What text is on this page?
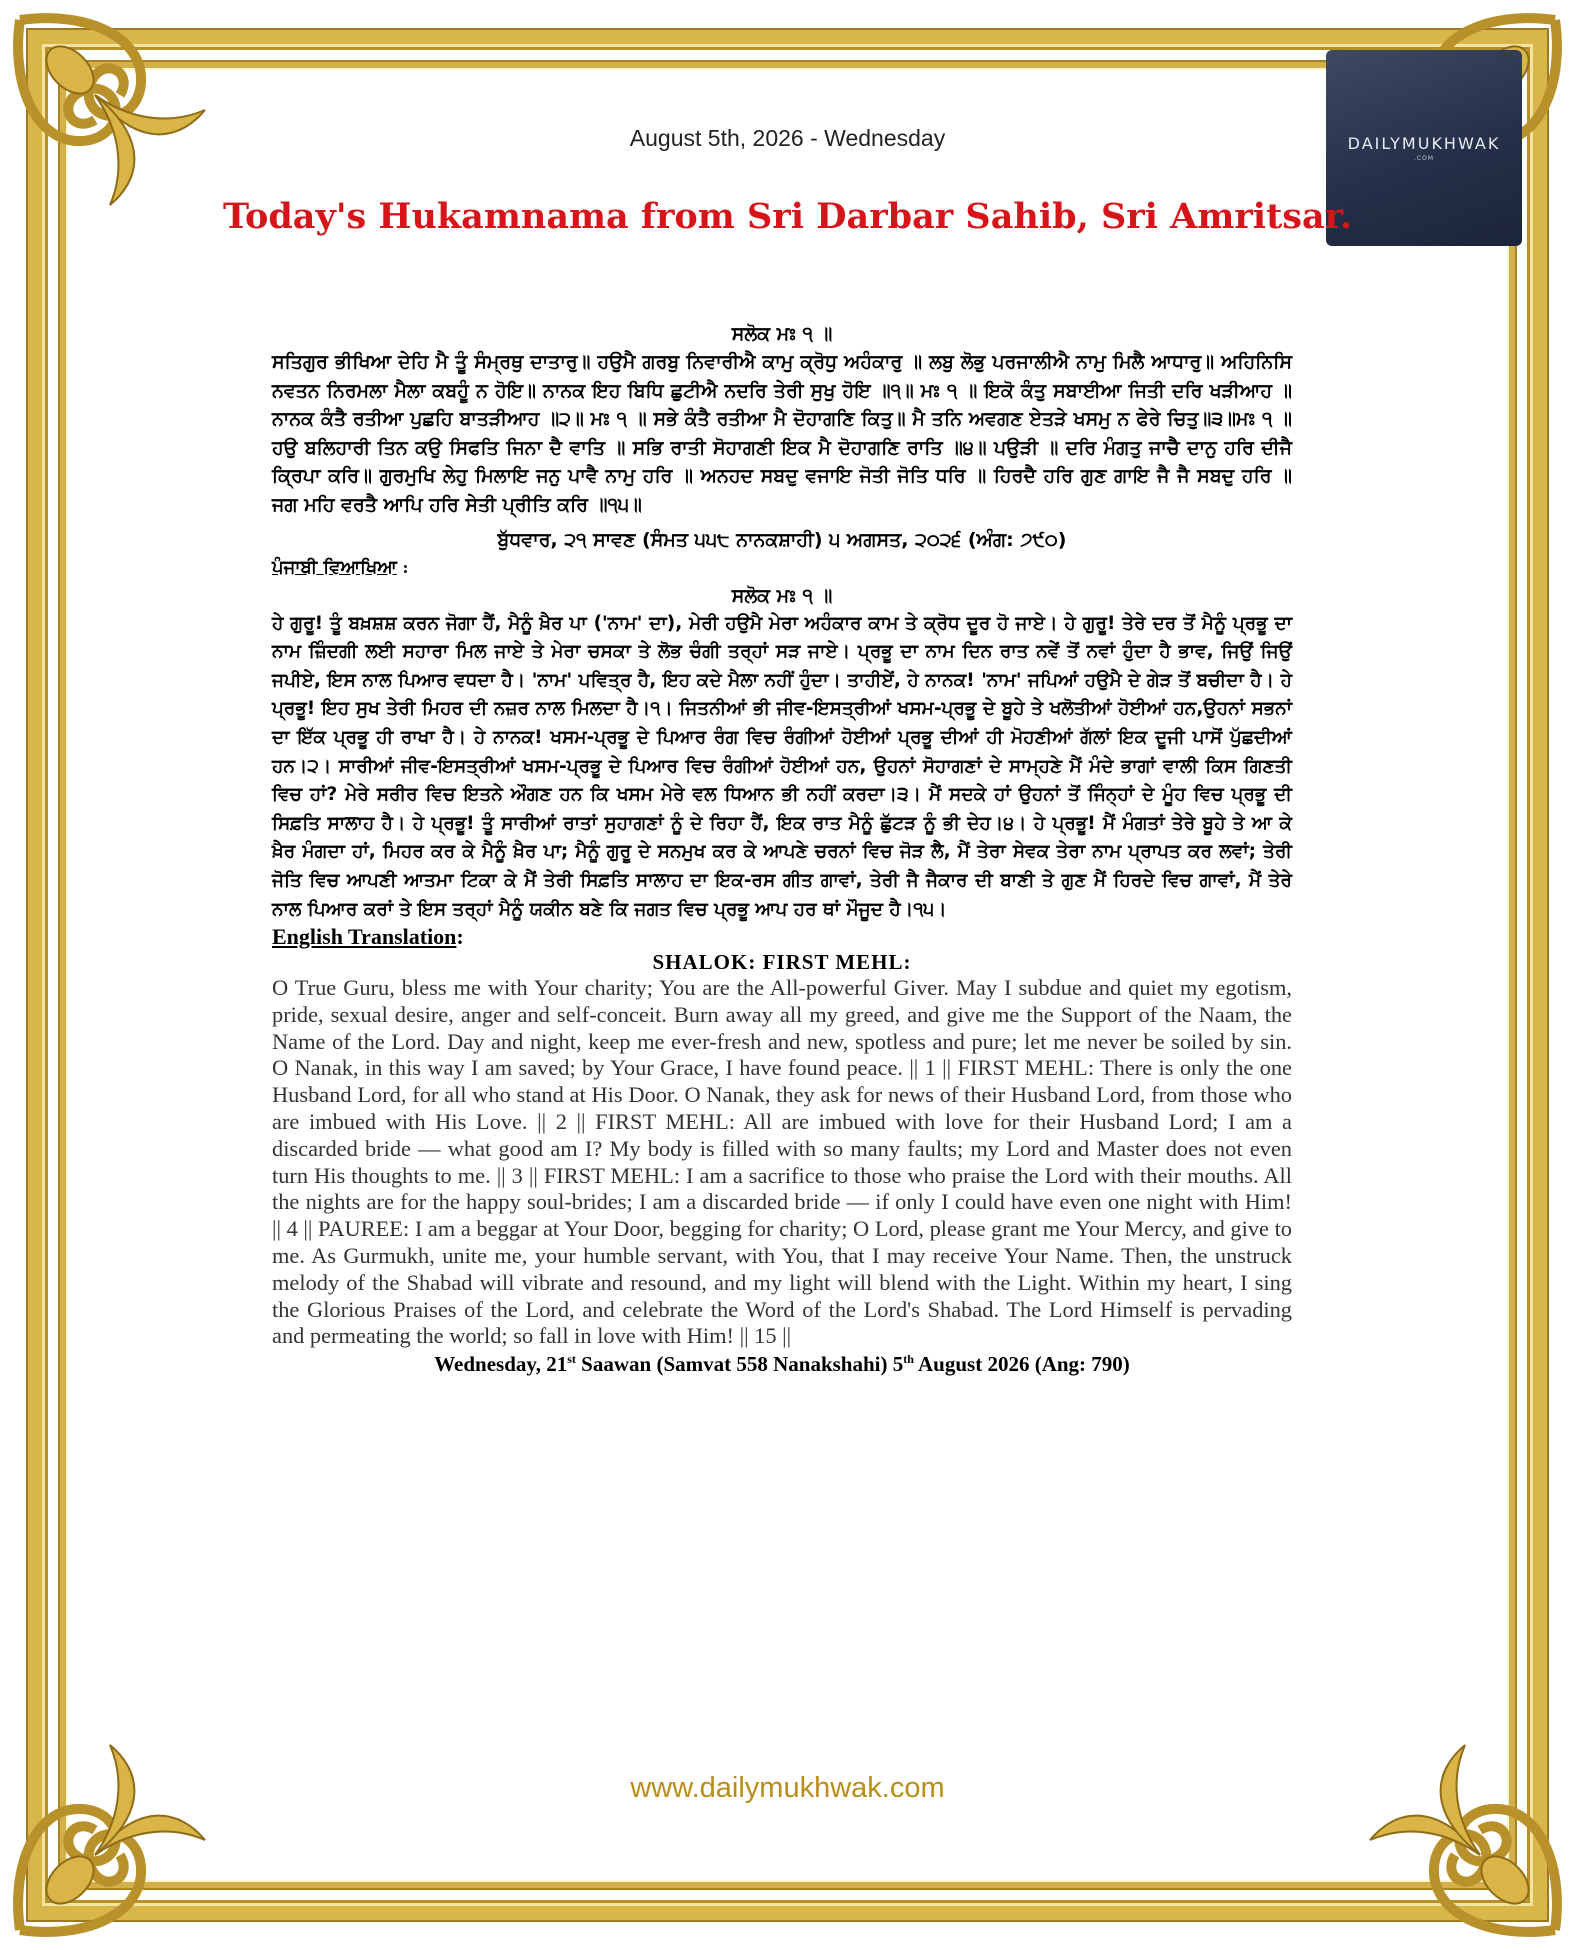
DAILYMUKHWAK
.COM
August 5th, 2026 - Wednesday
Today's Hukamnama from Sri Darbar Sahib, Sri Amritsar.
ਸਲੋਕ ਮਃ ੧ ॥
ਸਤਿਗੁਰ ਭੀਖਿਆ ਦੇਹਿ ਮੈ ਤੂੰ ਸੰਮ੍ਰਥੁ ਦਾਤਾਰੁ॥ ਹਉਮੈ ਗਰਬੁ ਨਿਵਾਰੀਐ ਕਾਮੁ ਕ੍ਰੋਧੁ ਅਹੰਕਾਰੁ ॥ ਲਬੁ ਲੋਭੁ ਪਰਜਾਲੀਐ ਨਾਮੁ ਮਿਲੈ ਆਧਾਰੁ॥ ਅਹਿਨਿਸਿ ਨਵਤਨ ਨਿਰਮਲਾ ਮੈਲਾ ਕਬਹੂੰ ਨ ਹੋਇ॥ ਨਾਨਕ ਇਹ ਬਿਧਿ ਛੁਟੀਐ ਨਦਰਿ ਤੇਰੀ ਸੁਖੁ ਹੋਇ ॥੧॥ ਮਃ ੧ ॥ ਇਕੋ ਕੰਤੁ ਸਬਾਈਆ ਜਿਤੀ ਦਰਿ ਖੜੀਆਹ ॥ ਨਾਨਕ ਕੰਤੈ ਰਤੀਆ ਪੁਛਹਿ ਬਾਤੜੀਆਹ ॥੨॥ ਮਃ ੧ ॥ ਸਭੇ ਕੰਤੈ ਰਤੀਆ ਮੈ ਦੋਹਾਗਣਿ ਕਿਤੁ॥ ਮੈ ਤਨਿ ਅਵਗਣ ਏਤੜੇ ਖਸਮੁ ਨ ਫੇਰੇ ਚਿਤੁ॥੩॥ਮਃ ੧ ॥ ਹਉ ਬਲਿਹਾਰੀ ਤਿਨ ਕਉ ਸਿਫਤਿ ਜਿਨਾ ਦੈ ਵਾਤਿ ॥ ਸਭਿ ਰਾਤੀ ਸੋਹਾਗਣੀ ਇਕ ਮੈ ਦੋਹਾਗਣਿ ਰਾਤਿ ॥੪॥ ਪਉੜੀ ॥ ਦਰਿ ਮੰਗਤੁ ਜਾਚੈ ਦਾਨੁ ਹਰਿ ਦੀਜੈ ਕ੍ਰਿਪਾ ਕਰਿ॥ ਗੁਰਮੁਖਿ ਲੇਹੁ ਮਿਲਾਇ ਜਨੁ ਪਾਵੈ ਨਾਮੁ ਹਰਿ ॥ ਅਨਹਦ ਸਬਦੁ ਵਜਾਇ ਜੋਤੀ ਜੋਤਿ ਧਰਿ ॥ ਹਿਰਦੈ ਹਰਿ ਗੁਣ ਗਾਇ ਜੈ ਜੈ ਸਬਦੁ ਹਰਿ ॥ ਜਗ ਮਹਿ ਵਰਤੈ ਆਪਿ ਹਰਿ ਸੇਤੀ ਪ੍ਰੀਤਿ ਕਰਿ ॥੧੫॥
ਬੁੱਧਵਾਰ, ੨੧ ਸਾਵਣ (ਸੰਮਤ ੫੫੮ ਨਾਨਕਸ਼ਾਹੀ) ੫ ਅਗਸਤ, ੨੦੨੬ (ਅੰਗ: ੭੯੦)
ਪੰਜਾਬੀ ਵਿਆਖਿਆ :
ਸਲੋਕ ਮਃ ੧ ॥
ਹੇ ਗੁਰੂ! ਤੂੰ ਬਖ਼ਸ਼ਸ਼ ਕਰਨ ਜੋਗਾ ਹੈਂ, ਮੈਨੂੰ ਖ਼ੈਰ ਪਾ ('ਨਾਮ' ਦਾ), ਮੇਰੀ ਹਉਮੈ ਮੇਰਾ ਅਹੰਕਾਰ ਕਾਮ ਤੇ ਕ੍ਰੋਧ ਦੂਰ ਹੋ ਜਾਏ। ਹੇ ਗੁਰੂ! ਤੇਰੇ ਦਰ ਤੋਂ ਮੈਨੂੰ ਪ੍ਰਭੂ ਦਾ ਨਾਮ ਜ਼ਿੰਦਗੀ ਲਈ ਸਹਾਰਾ ਮਿਲ ਜਾਏ ਤੇ ਮੇਰਾ ਚਸਕਾ ਤੇ ਲੋਭ ਚੰਗੀ ਤਰ੍ਹਾਂ ਸੜ ਜਾਏ। ਪ੍ਰਭੂ ਦਾ ਨਾਮ ਦਿਨ ਰਾਤ ਨਵੇਂ ਤੋਂ ਨਵਾਂ ਹੁੰਦਾ ਹੈ ਭਾਵ, ਜਿਉਂ ਜਿਉਂ ਜਪੀਏ, ਇਸ ਨਾਲ ਪਿਆਰ ਵਧਦਾ ਹੈ। 'ਨਾਮ' ਪਵਿਤ੍ਰ ਹੈ, ਇਹ ਕਦੇ ਮੈਲਾ ਨਹੀਂ ਹੁੰਦਾ। ਤਾਹੀਏਂ, ਹੇ ਨਾਨਕ! 'ਨਾਮ' ਜਪਿਆਂ ਹਉਮੈ ਦੇ ਗੇੜ ਤੋਂ ਬਚੀਦਾ ਹੈ। ਹੇ ਪ੍ਰਭੂ! ਇਹ ਸੁਖ ਤੇਰੀ ਮਿਹਰ ਦੀ ਨਜ਼ਰ ਨਾਲ ਮਿਲਦਾ ਹੈ।੧। ਜਿਤਨੀਆਂ ਭੀ ਜੀਵ-ਇਸਤ੍ਰੀਆਂ ਖਸਮ-ਪ੍ਰਭੂ ਦੇ ਬੂਹੇ ਤੇ ਖਲੋਤੀਆਂ ਹੋਈਆਂ ਹਨ,ਉਹਨਾਂ ਸਭਨਾਂ ਦਾ ਇੱਕ ਪ੍ਰਭੂ ਹੀ ਰਾਖਾ ਹੈ। ਹੇ ਨਾਨਕ! ਖਸਮ-ਪ੍ਰਭੂ ਦੇ ਪਿਆਰ ਰੰਗ ਵਿਚ ਰੰਗੀਆਂ ਹੋਈਆਂ ਪ੍ਰਭੂ ਦੀਆਂ ਹੀ ਮੋਹਣੀਆਂ ਗੱਲਾਂ ਇਕ ਦੂਜੀ ਪਾਸੋਂ ਪੁੱਛਦੀਆਂ ਹਨ।੨। ਸਾਰੀਆਂ ਜੀਵ-ਇਸਤ੍ਰੀਆਂ ਖਸਮ-ਪ੍ਰਭੂ ਦੇ ਪਿਆਰ ਵਿਚ ਰੰਗੀਆਂ ਹੋਈਆਂ ਹਨ, ਉਹਨਾਂ ਸੋਹਾਗਣਾਂ ਦੇ ਸਾਮ੍ਹਣੇ ਮੈਂ ਮੰਦੇ ਭਾਗਾਂ ਵਾਲੀ ਕਿਸ ਗਿਣਤੀ ਵਿਚ ਹਾਂ? ਮੇਰੇ ਸਰੀਰ ਵਿਚ ਇਤਨੇ ਔਗਣ ਹਨ ਕਿ ਖਸਮ ਮੇਰੇ ਵਲ ਧਿਆਨ ਭੀ ਨਹੀਂ ਕਰਦਾ।੩। ਮੈਂ ਸਦਕੇ ਹਾਂ ਉਹਨਾਂ ਤੋਂ ਜਿੰਨ੍ਹਾਂ ਦੇ ਮੂੰਹ ਵਿਚ ਪ੍ਰਭੂ ਦੀ ਸਿਫ਼ਤਿ ਸਾਲਾਹ ਹੈ। ਹੇ ਪ੍ਰਭੂ! ਤੂੰ ਸਾਰੀਆਂ ਰਾਤਾਂ ਸੁਹਾਗਣਾਂ ਨੂੰ ਦੇ ਰਿਹਾ ਹੈਂ, ਇਕ ਰਾਤ ਮੈਨੂੰ ਛੁੱਟੜ ਨੂੰ ਭੀ ਦੇਹ।੪। ਹੇ ਪ੍ਰਭੂ! ਮੈਂ ਮੰਗਤਾਂ ਤੇਰੇ ਬੂਹੇ ਤੇ ਆ ਕੇ ਖ਼ੈਰ ਮੰਗਦਾ ਹਾਂ, ਮਿਹਰ ਕਰ ਕੇ ਮੈਨੂੰ ਖ਼ੈਰ ਪਾ; ਮੈਨੂੰ ਗੁਰੂ ਦੇ ਸਨਮੁਖ ਕਰ ਕੇ ਆਪਣੇ ਚਰਨਾਂ ਵਿਚ ਜੋੜ ਲੈ, ਮੈਂ ਤੇਰਾ ਸੇਵਕ ਤੇਰਾ ਨਾਮ ਪ੍ਰਾਪਤ ਕਰ ਲਵਾਂ; ਤੇਰੀ ਜੋਤਿ ਵਿਚ ਆਪਣੀ ਆਤਮਾ ਟਿਕਾ ਕੇ ਮੈਂ ਤੇਰੀ ਸਿਫ਼ਤਿ ਸਾਲਾਹ ਦਾ ਇਕ-ਰਸ ਗੀਤ ਗਾਵਾਂ, ਤੇਰੀ ਜੈ ਜੈਕਾਰ ਦੀ ਬਾਣੀ ਤੇ ਗੁਣ ਮੈਂ ਹਿਰਦੇ ਵਿਚ ਗਾਵਾਂ, ਮੈਂ ਤੇਰੇ ਨਾਲ ਪਿਆਰ ਕਰਾਂ ਤੇ ਇਸ ਤਰ੍ਹਾਂ ਮੈਨੂੰ ਯਕੀਨ ਬਣੇ ਕਿ ਜਗਤ ਵਿਚ ਪ੍ਰਭੂ ਆਪ ਹਰ ਥਾਂ ਮੌਜੂਦ ਹੈ।੧੫।
English Translation:
SHALOK: FIRST MEHL:
O True Guru, bless me with Your charity; You are the All-powerful Giver. May I subdue and quiet my egotism, pride, sexual desire, anger and self-conceit. Burn away all my greed, and give me the Support of the Naam, the Name of the Lord. Day and night, keep me ever-fresh and new, spotless and pure; let me never be soiled by sin. O Nanak, in this way I am saved; by Your Grace, I have found peace. || 1 || FIRST MEHL: There is only the one Husband Lord, for all who stand at His Door. O Nanak, they ask for news of their Husband Lord, from those who are imbued with His Love. || 2 || FIRST MEHL: All are imbued with love for their Husband Lord; I am a discarded bride — what good am I? My body is filled with so many faults; my Lord and Master does not even turn His thoughts to me. || 3 || FIRST MEHL: I am a sacrifice to those who praise the Lord with their mouths. All the nights are for the happy soul-brides; I am a discarded bride — if only I could have even one night with Him! || 4 || PAUREE: I am a beggar at Your Door, begging for charity; O Lord, please grant me Your Mercy, and give to me. As Gurmukh, unite me, your humble servant, with You, that I may receive Your Name. Then, the unstruck melody of the Shabad will vibrate and resound, and my light will blend with the Light. Within my heart, I sing the Glorious Praises of the Lord, and celebrate the Word of the Lord's Shabad. The Lord Himself is pervading and permeating the world; so fall in love with Him! || 15 ||
Wednesday, 21st Saawan (Samvat 558 Nanakshahi) 5th August 2026 (Ang: 790)
www.dailymukhwak.com
